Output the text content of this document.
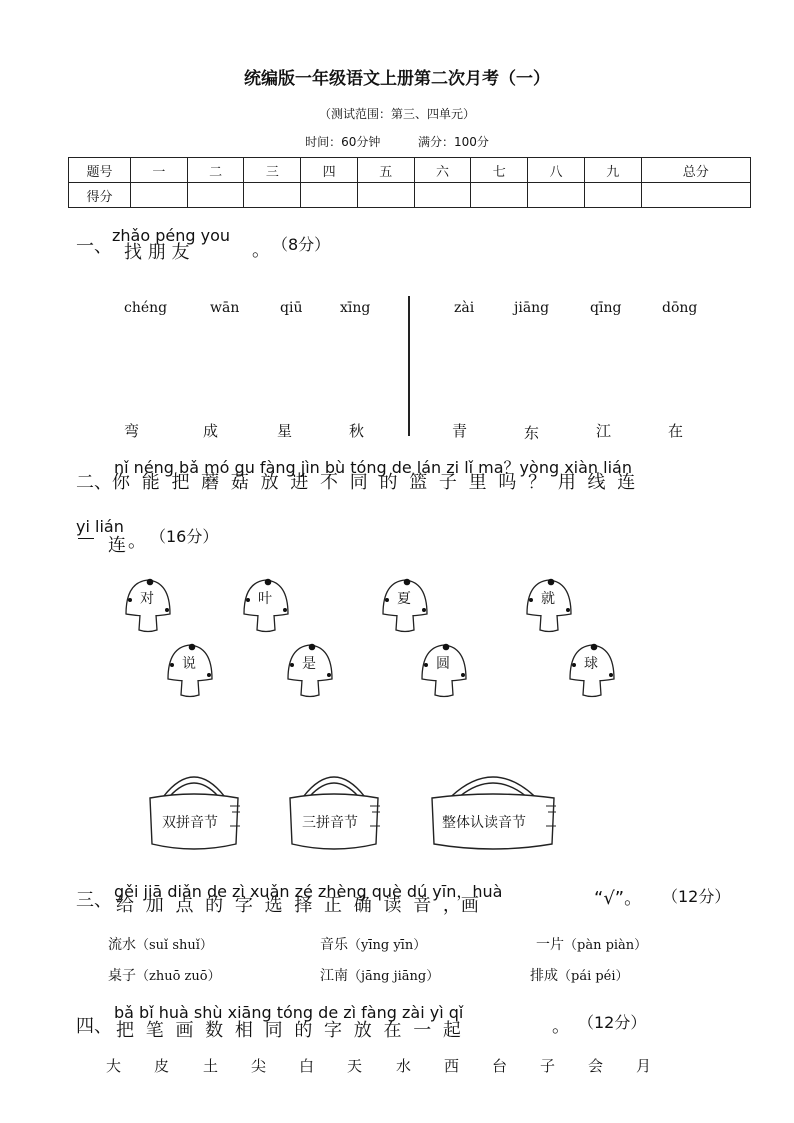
统编版一年级语文上册第二次月考（一）
（测试范围：第三、四单元）
时间：60分钟	满分：100分
题号	一	二	三	四	五	六	七	八	九	总分
得分										
一、
zhǎo péng you
找 朋 友	。 （8分）
chéng	wān	qiū	xīng	zài	jiāng	qīng	dōng
弯	成	星	秋	青	东	江	在
二、
nǐ néng bǎ mó gu fàng jìn bù tóng de lán zi lǐ ma？yòng xiàn lián
你 能 把 蘑 菇 放 进 不 同 的 篮 子 里 吗 ？ 用 线 连
yi lián
连 。 （16分）
对	叶	夏	就
说	是	圆	球
双拼音节	三拼音节	整体认读音节
三、 gěi jiā diǎn de zì xuǎn zé zhèng què dú yīn，huà
给 加 点 的 字 选 择 正 确 读 音 ，画	“√”。 （12分）
流水（suǐ shuǐ）	音乐（yīng yīn）	一片（pàn piàn）
桌子（zhuō zuō）	江南（jāng jiāng）	排成（pái péi）
四、
bǎ bǐ huà shù xiāng tóng de zì fàng zài yì qǐ
把 笔 画 数 相 同 的 字 放 在 一 起	。 （12分）
大 皮 土 尖 白 天 水 西 台 子 会 月
